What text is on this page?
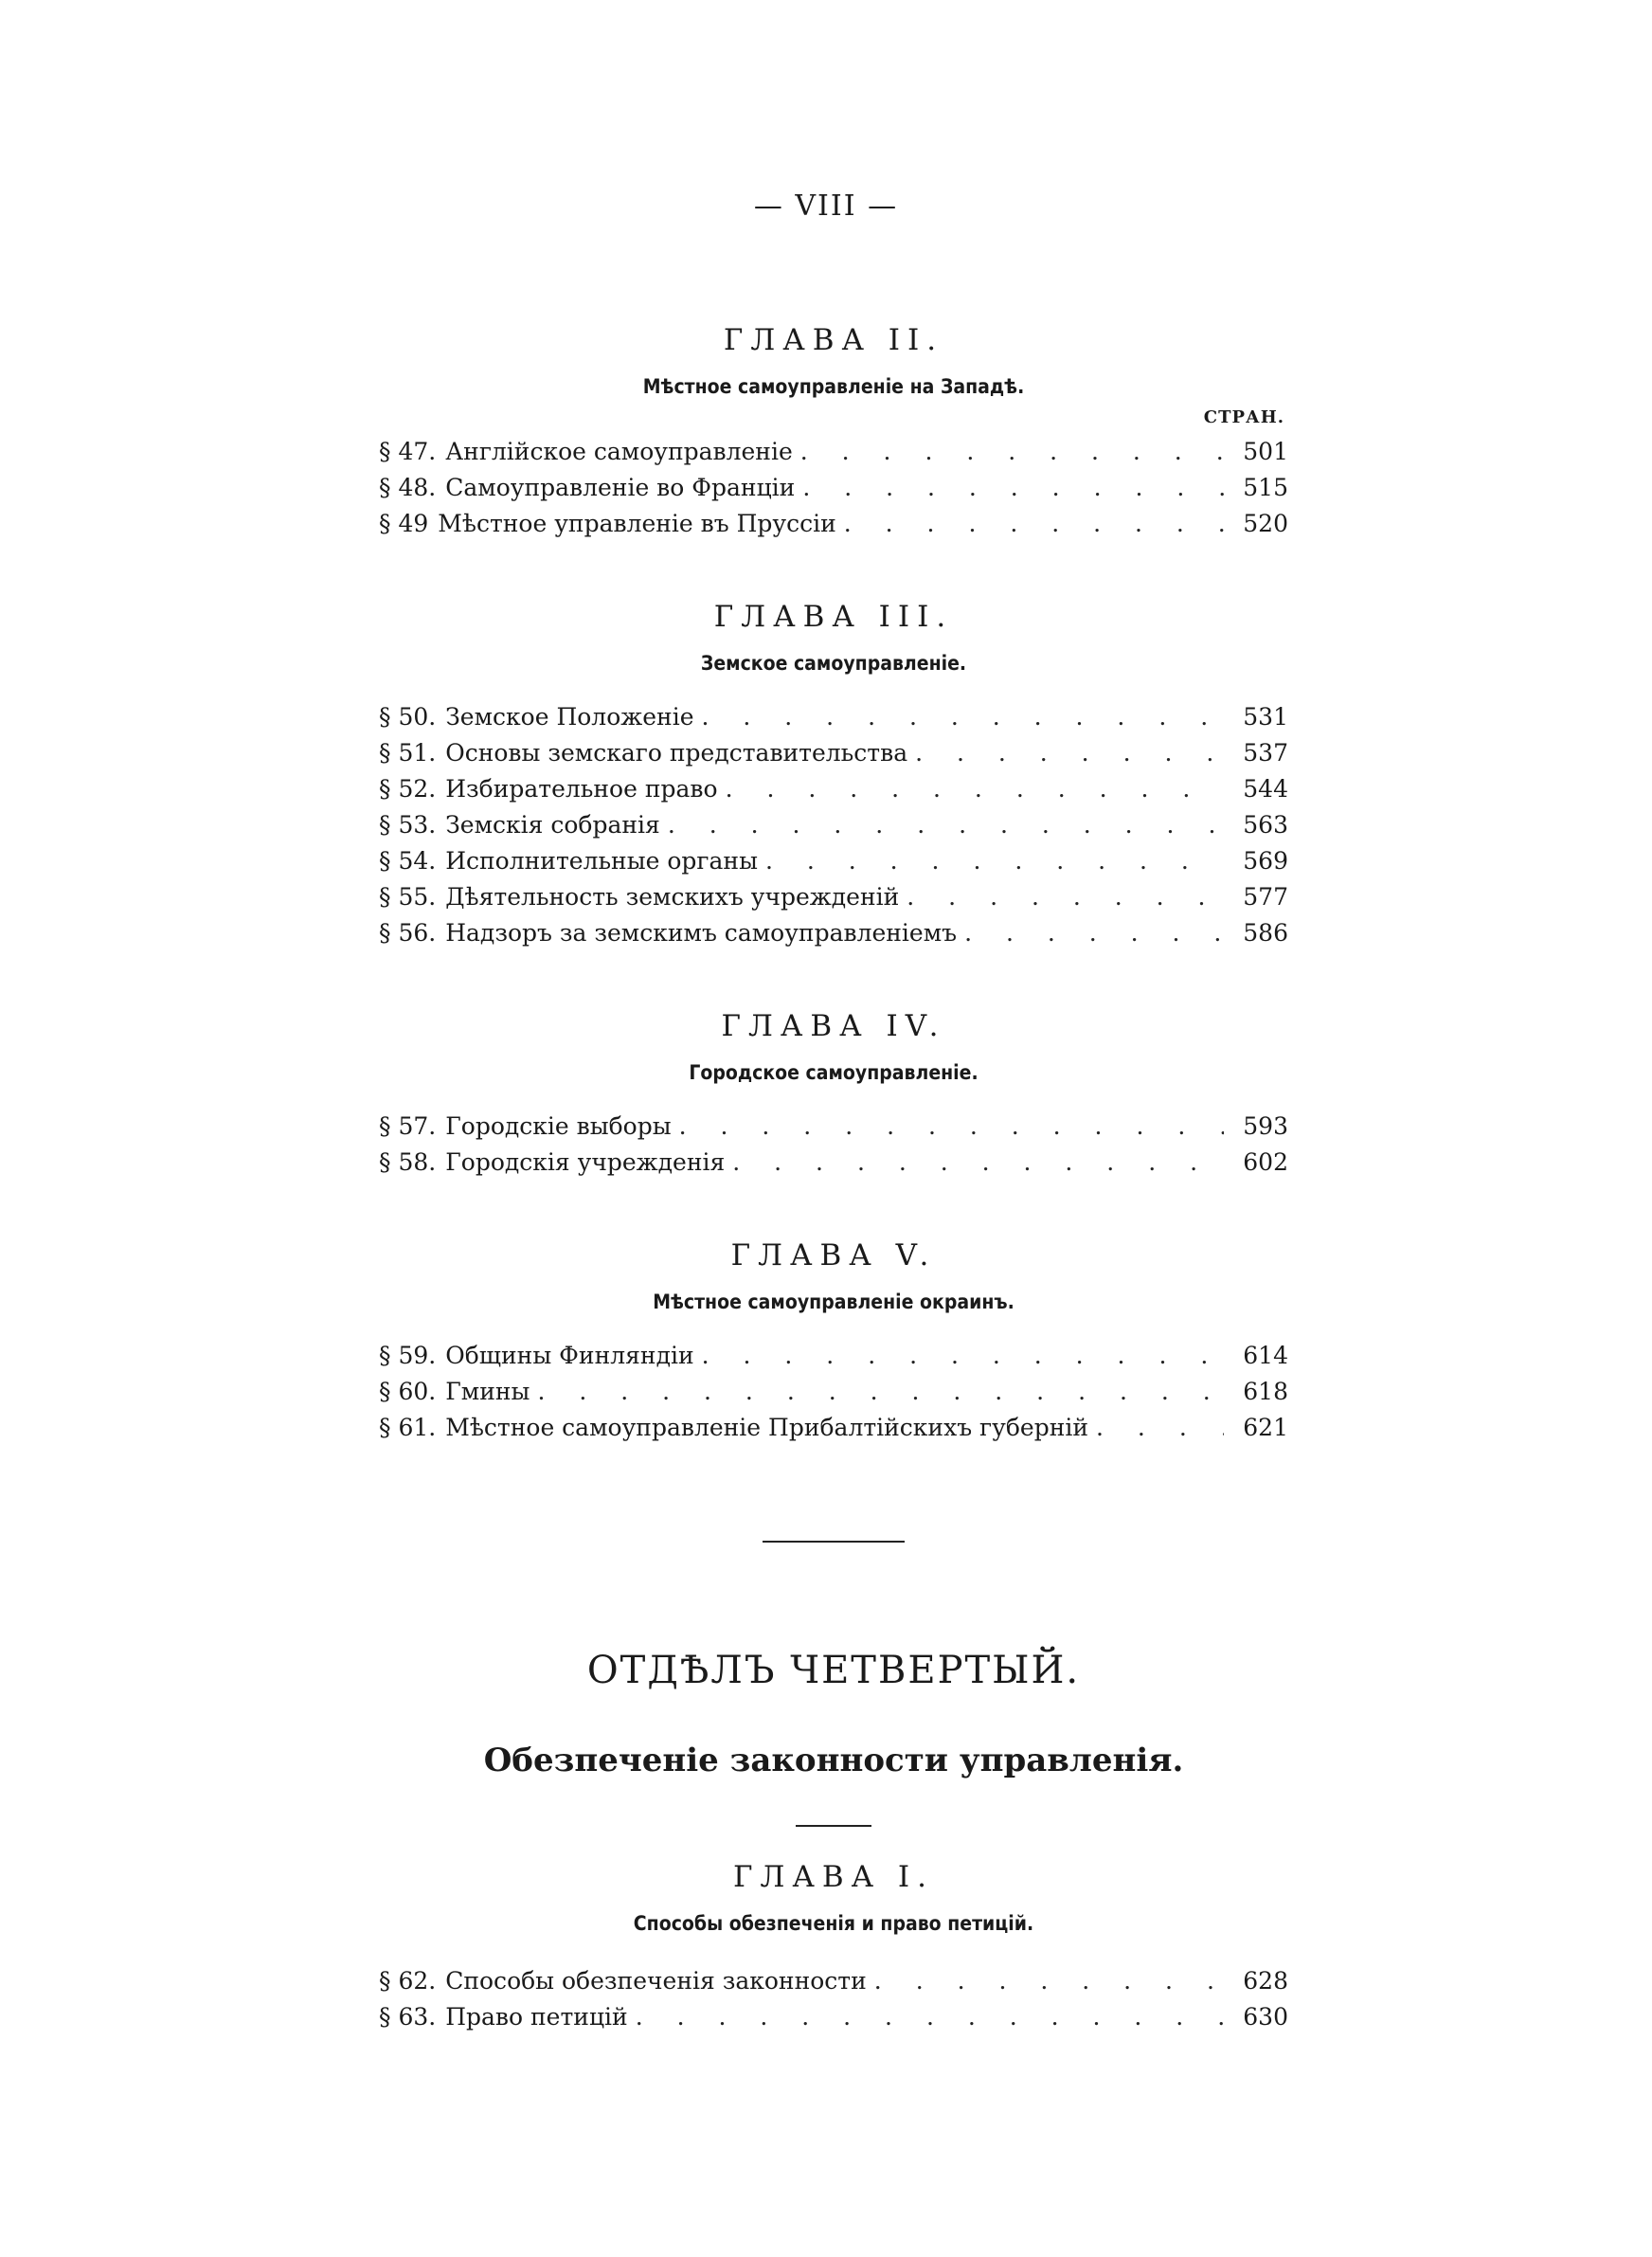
— VIII —
ГЛАВА II.
Мѣстное самоуправленіе на Западѣ.
СТРАН.
§ 47. Англійское самоуправленіе . . .	501
§ 48. Самоуправленіе во Франціи . . .	515
§ 49 Мѣстное управленіе въ Пруссіи . . .	520
ГЛАВА III.
Земское самоуправленіе.
§ 50. Земское Положеніе . . .	531
§ 51. Основы земскаго представительства . . .	537
§ 52. Избирательное право . . .	544
§ 53. Земскія собранія . . .	563
§ 54. Исполнительные органы . . .	569
§ 55. Дѣятельность земскихъ учрежденій . . .	577
§ 56. Надзоръ за земскимъ самоуправленіемъ . . .	586
ГЛАВА IV.
Городское самоуправленіе.
§ 57. Городскіе выборы . . .	593
§ 58. Городскія учрежденія . . .	602
ГЛАВА V.
Мѣстное самоуправленіе окраинъ.
§ 59. Общины Финляндіи . . .	614
§ 60. Гмины . . .	618
§ 61. Мѣстное самоуправленіе Прибалтійскихъ губерній . . .	621
ОТДѢЛЪ ЧЕТВЕРТЫЙ.
Обезпеченіе законности управленія.
ГЛАВА I.
Способы обезпеченія и право петицій.
§ 62. Способы обезпеченія законности . . .	628
§ 63. Право петицій . . .	630
